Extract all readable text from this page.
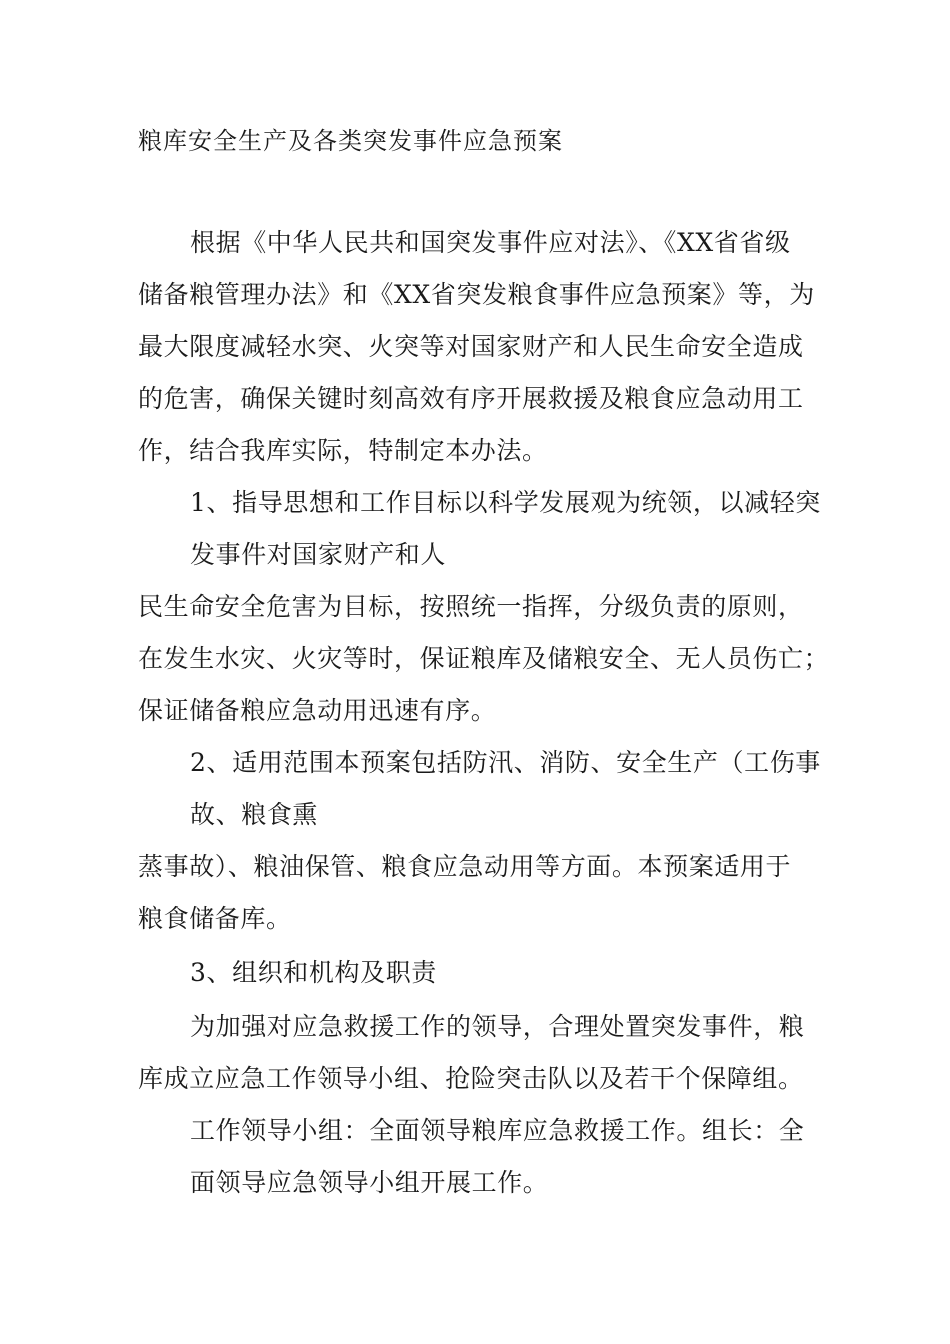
粮库安全生产及各类突发事件应急预案
根据《中华人民共和国突发事件应对法》、《XX省省级
储备粮管理办法》和《XX省突发粮食事件应急预案》等，为
最大限度减轻水突、火突等对国家财产和人民生命安全造成
的危害，确保关键时刻高效有序开展救援及粮食应急动用工
作，结合我库实际，特制定本办法。
1、指导思想和工作目标以科学发展观为统领，以减轻突
发事件对国家财产和人
民生命安全危害为目标，按照统一指挥，分级负责的原则，
在发生水灾、火灾等时，保证粮库及储粮安全、无人员伤亡；
保证储备粮应急动用迅速有序。
2、适用范围本预案包括防汛、消防、安全生产（工伤事
故、粮食熏
蒸事故）、粮油保管、粮食应急动用等方面。本预案适用于
粮食储备库。
3、组织和机构及职责
为加强对应急救援工作的领导，合理处置突发事件，粮
库成立应急工作领导小组、抢险突击队以及若干个保障组。
工作领导小组：全面领导粮库应急救援工作。组长：全
面领导应急领导小组开展工作。
